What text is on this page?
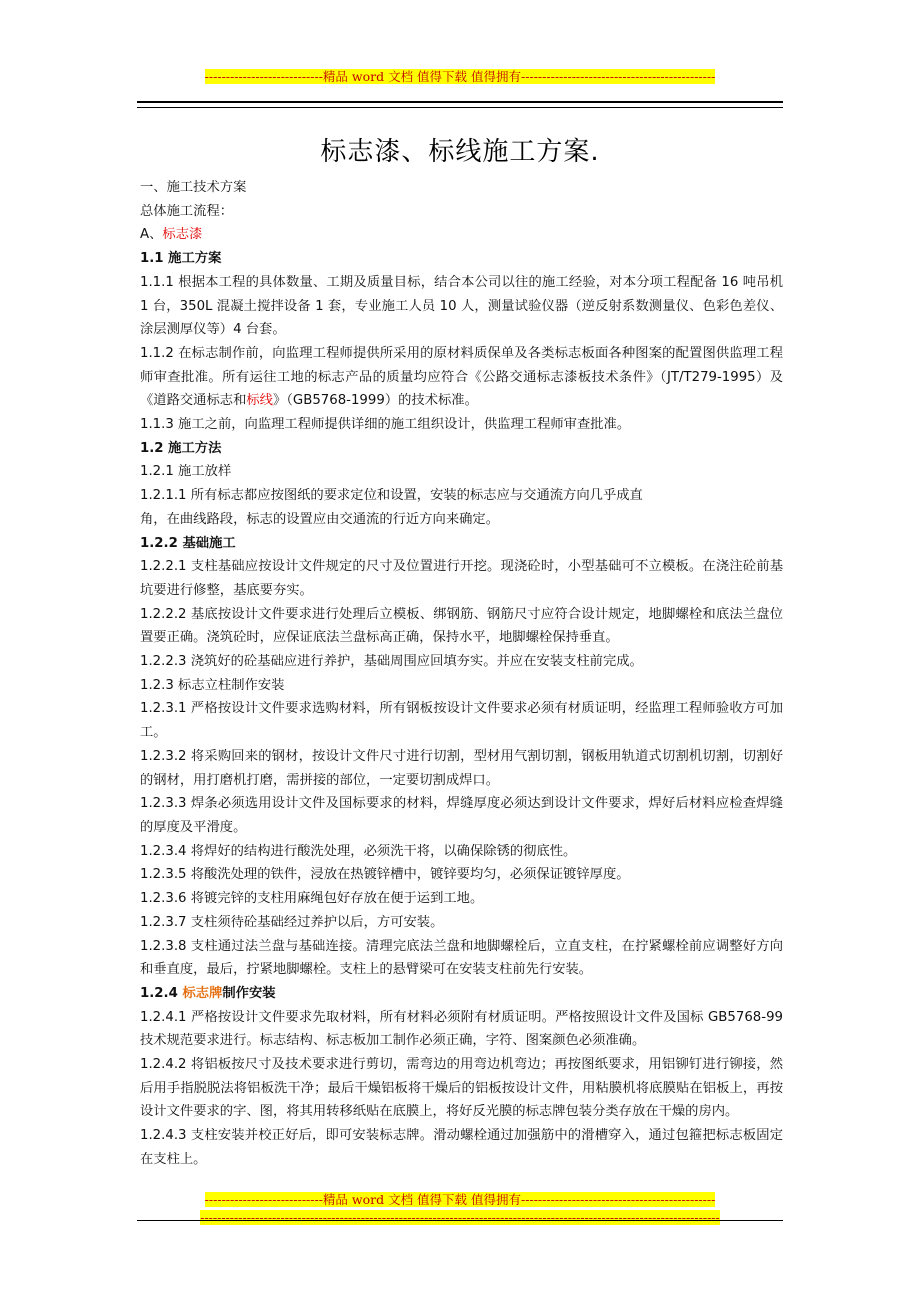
----------------------------精品 word 文档 值得下载 值得拥有----------------------------------------------
标志漆、标线施工方案.

一、施工技术方案

总体施工流程：

A、标志漆

1.1 施工方案

1.1.1 根据本工程的具体数量、工期及质量目标，结合本公司以往的施工经验，对本分项工程配备 16 吨吊机 1 台，350L 混凝土搅拌设备 1 套，专业施工人员 10 人，测量试验仪器（逆反射系数测量仪、色彩色差仪、涂层测厚仪等）4 台套。

1.1.2 在标志制作前，向监理工程师提供所采用的原材料质保单及各类标志板面各种图案的配置图供监理工程师审查批准。所有运往工地的标志产品的质量均应符合《公路交通标志漆板技术条件》（JT/T279-1995）及《道路交通标志和标线》（GB5768-1999）的技术标准。

1.1.3 施工之前，向监理工程师提供详细的施工组织设计，供监理工程师审查批准。

1.2 施工方法

1.2.1 施工放样

1.2.1.1 所有标志都应按图纸的要求定位和设置，安装的标志应与交通流方向几乎成直

角，在曲线路段，标志的设置应由交通流的行近方向来确定。

1.2.2 基础施工

1.2.2.1 支柱基础应按设计文件规定的尺寸及位置进行开挖。现浇砼时，小型基础可不立模板。在浇注砼前基坑要进行修整，基底要夯实。

1.2.2.2 基底按设计文件要求进行处理后立模板、绑钢筋、钢筋尺寸应符合设计规定，地脚螺栓和底法兰盘位置要正确。浇筑砼时，应保证底法兰盘标高正确，保持水平，地脚螺栓保持垂直。

1.2.2.3 浇筑好的砼基础应进行养护，基础周围应回填夯实。并应在安装支柱前完成。

1.2.3 标志立柱制作安装

1.2.3.1 严格按设计文件要求选购材料，所有钢板按设计文件要求必须有材质证明，经监理工程师验收方可加工。

1.2.3.2 将采购回来的钢材，按设计文件尺寸进行切割，型材用气割切割，钢板用轨道式切割机切割，切割好的钢材，用打磨机打磨，需拼接的部位，一定要切割成焊口。

1.2.3.3 焊条必须选用设计文件及国标要求的材料，焊缝厚度必须达到设计文件要求，焊好后材料应检查焊缝的厚度及平滑度。

1.2.3.4 将焊好的结构进行酸洗处理，必须洗干将，以确保除锈的彻底性。

1.2.3.5 将酸洗处理的铁件，浸放在热镀锌槽中，镀锌要均匀，必须保证镀锌厚度。

1.2.3.6 将镀完锌的支柱用麻绳包好存放在便于运到工地。

1.2.3.7 支柱须待砼基础经过养护以后，方可安装。

1.2.3.8 支柱通过法兰盘与基础连接。清理完底法兰盘和地脚螺栓后，立直支柱，在拧紧螺栓前应调整好方向和垂直度，最后，拧紧地脚螺栓。支柱上的悬臂梁可在安装支柱前先行安装。

1.2.4 标志牌制作安装

1.2.4.1 严格按设计文件要求先取材料，所有材料必须附有材质证明。严格按照设计文件及国标 GB5768-99 技术规范要求进行。标志结构、标志板加工制作必须正确，字符、图案颜色必须准确。

1.2.4.2 将铝板按尺寸及技术要求进行剪切，需弯边的用弯边机弯边；再按图纸要求，用铝铆钉进行铆接，然后用手指脱脱法将铝板洗干净；最后干燥铝板将干燥后的铝板按设计文件，用粘膜机将底膜贴在铝板上，再按设计文件要求的字、图，将其用转移纸贴在底膜上，将好反光膜的标志牌包装分类存放在干燥的房内。

1.2.4.3 支柱安装并校正好后，即可安装标志牌。滑动螺栓通过加强筋中的滑槽穿入，通过包箍把标志板固定在支柱上。

----------------------------精品 word 文档 值得下载 值得拥有----------------------------------------------
---------------------------------------------------------------------------------------------------------------------------
